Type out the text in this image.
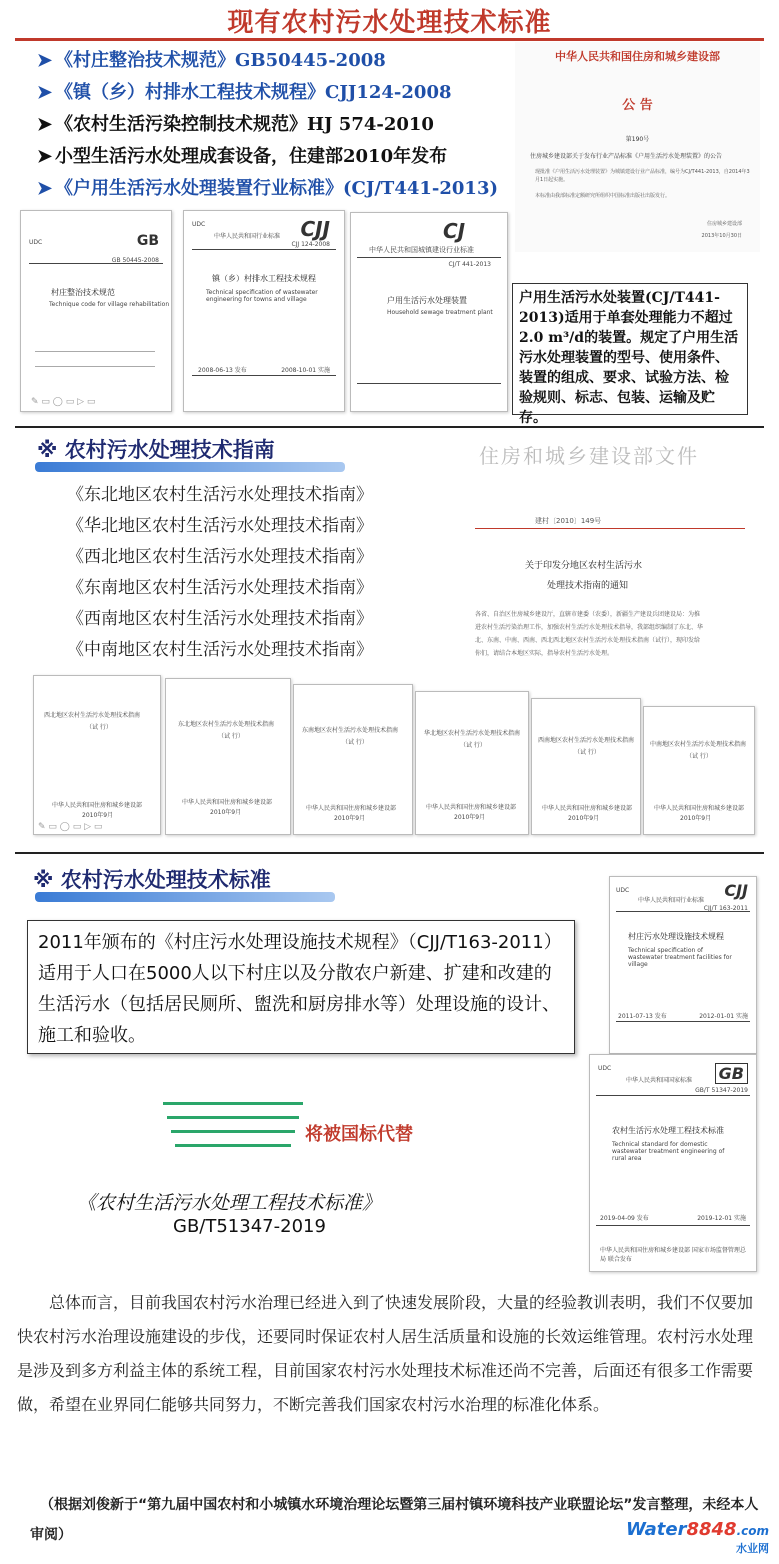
现有农村污水处理技术标准
➤ 《村庄整治技术规范》GB50445-2008
➤ 《镇（乡）村排水工程技术规程》CJJ124-2008
➤ 《农村生活污染控制技术规范》HJ 574-2010
➤ 小型生活污水处理成套设备，住建部2010年发布
➤ 《户用生活污水处理装置行业标准》(CJ/T441-2013)
中华人民共和国住房和城乡建设部
公 告
第190号
住房城乡建设部关于发布行业产品标准《户用生活污水处理装置》的公告
现批准《户用生活污水处理装置》为城镇建设行业产品标准，编号为CJ/T441-2013，自2014年3月1日起实施。
本标准由我部标准定额研究所组织中国标准出版社出版发行。
住房城乡建设部
2013年10月30日
UDC	GB
GB 50445-2008
村庄整治技术规范
Technique code for village rehabilitation
✎ ▭ ◯ ▭ ▷ ▭
UDC
中华人民共和国行业标准 CJJ
CJJ 124-2008
镇（乡）村排水工程技术规程
Technical specification of wastewater engineering for towns and village
2008-06-13 发布	2008-10-01 实施
CJ
中华人民共和国城镇建设行业标准
CJ/T 441-2013
户用生活污水处理装置
Household sewage treatment plant
户用生活污水处装置(CJ/T441-2013)适用于单套处理能力不超过2.0 m³/d的装置。规定了户用生活污水处理装置的型号、使用条件、装置的组成、要求、试验方法、检验规则、标志、包装、运输及贮存。
※ 农村污水处理技术指南
《东北地区农村生活污水处理技术指南》
《华北地区农村生活污水处理技术指南》
《西北地区农村生活污水处理技术指南》
《东南地区农村生活污水处理技术指南》
《西南地区农村生活污水处理技术指南》
《中南地区农村生活污水处理技术指南》
住房和城乡建设部文件
建村〔2010〕149号
关于印发分地区农村生活污水
处理技术指南的通知
各省、自治区住房城乡建设厅，直辖市建委（农委），新疆生产建设兵团建设局：为推进农村生活污染治理工作，加强农村生活污水处理技术指导，我部组织编制了东北、华北、东南、中南、西南、西北西北地区农村生活污水处理技术指南（试行），现印发给你们，请结合本地区实际，指导农村生活污水处理。
西北地区农村生活污水处理技术指南
（试 行）
中华人民共和国住房和城乡建设部
2010年9月
✎ ▭ ◯ ▭ ▷ ▭
东北地区农村生活污水处理技术指南
（试 行）
中华人民共和国住房和城乡建设部
2010年9月
东南地区农村生活污水处理技术指南
（试 行）
中华人民共和国住房和城乡建设部
2010年9月
华北地区农村生活污水处理技术指南
（试 行）
中华人民共和国住房和城乡建设部
2010年9月
西南地区农村生活污水处理技术指南
（试 行）
中华人民共和国住房和城乡建设部
2010年9月
中南地区农村生活污水处理技术指南
（试 行）
中华人民共和国住房和城乡建设部
2010年9月
※ 农村污水处理技术标准
2011年颁布的《村庄污水处理设施技术规程》（CJJ/T163-2011）适用于人口在5000人以下村庄以及分散农户新建、扩建和改建的生活污水（包括居民厕所、盥洗和厨房排水等）处理设施的设计、施工和验收。
将被国标代替
《农村生活污水处理工程技术标准》
GB/T51347-2019
UDC
中华人民共和国行业标准
CJJ
CJJ/T 163-2011
村庄污水处理设施技术规程
Technical specification of wastewater treatment facilities for village
2011-07-13 发布	2012-01-01 实施
UDC
中华人民共和国国家标准 GB
GB/T 51347-2019
农村生活污水处理工程技术标准
Technical standard for domestic wastewater treatment engineering of rural area
2019-04-09 发布	2019-12-01 实施
中华人民共和国住房和城乡建设部 国家市场监督管理总局 联合发布
总体而言，目前我国农村污水治理已经进入到了快速发展阶段，大量的经验教训表明，我们不仅要加快农村污水治理设施建设的步伐，还要同时保证农村人居生活质量和设施的长效运维管理。农村污水处理是涉及到多方利益主体的系统工程，目前国家农村污水处理技术标准还尚不完善，后面还有很多工作需要做，希望在业界同仁能够共同努力，不断完善我们国家农村污水治理的标准化体系。
（根据刘俊新于“第九届中国农村和小城镇水环境治理论坛暨第三届村镇环境科技产业联盟论坛”发言整理，未经本人审阅）	Water8848.com
水业网
